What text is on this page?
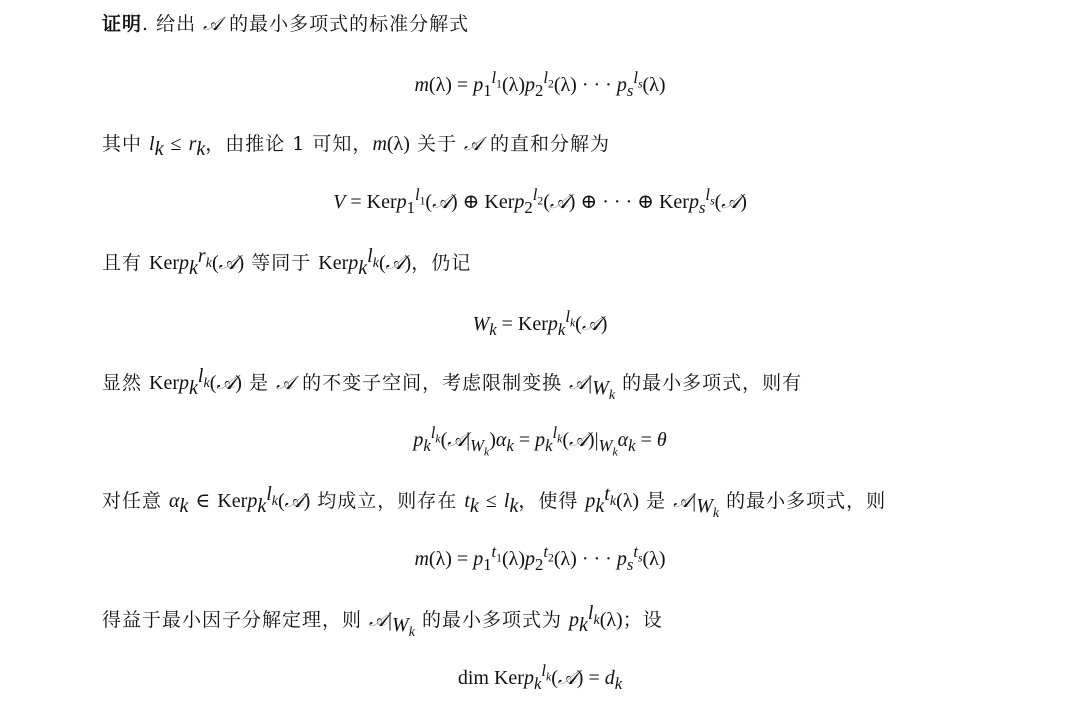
证明. 给出 𝒜 的最小多项式的标准分解式
$m(\lambda) = p_1^{l_1}(\lambda)p_2^{l_2}(\lambda)$ · · · $p_s^{l_s}(\lambda)$
其中 $l_k \le r_k$，由推论 1 可知，m(λ) 关于 𝒜 的直和分解为
V = Kerp$_1^{l_1}$(𝒜) ⊕ Kerp$_2^{l_2}$(𝒜) ⊕ · · · ⊕ Kerp$_s^{l_s}$(𝒜)
且有 Kerp$_k^{r_k}$(𝒜) 等同于 Kerp$_k^{l_k}$(𝒜)，仍记
$W_k$ = Kerp$_k^{l_k}$(𝒜)
显然 Kerp$_k^{l_k}$(𝒜) 是 𝒜 的不变子空间，考虑限制变换 $𝒜|_{W_k}$ 的最小多项式，则有
$p_k^{l_k}(𝒜|_{W_k})\alpha_k$ = $p_k^{l_k}(𝒜)|_{W_k}\alpha_k = \theta$
对任意 $\alpha_k$ ∈ Kerp$_k^{l_k}$(𝒜) 均成立，则存在 $t_k \le l_k$，使得 $p_k^{t_k}(\lambda)$ 是 $𝒜|_{W_k}$ 的最小多项式，则
$m(\lambda) = p_1^{t_1}(\lambda)p_2^{t_2}(\lambda)$ · · · $p_s^{t_s}(\lambda)$
得益于最小因子分解定理，则 $𝒜|_{W_k}$ 的最小多项式为 $p_k^{l_k}(\lambda)$；设
dim Kerp$_k^{l_k}$(𝒜) = $d_k$
